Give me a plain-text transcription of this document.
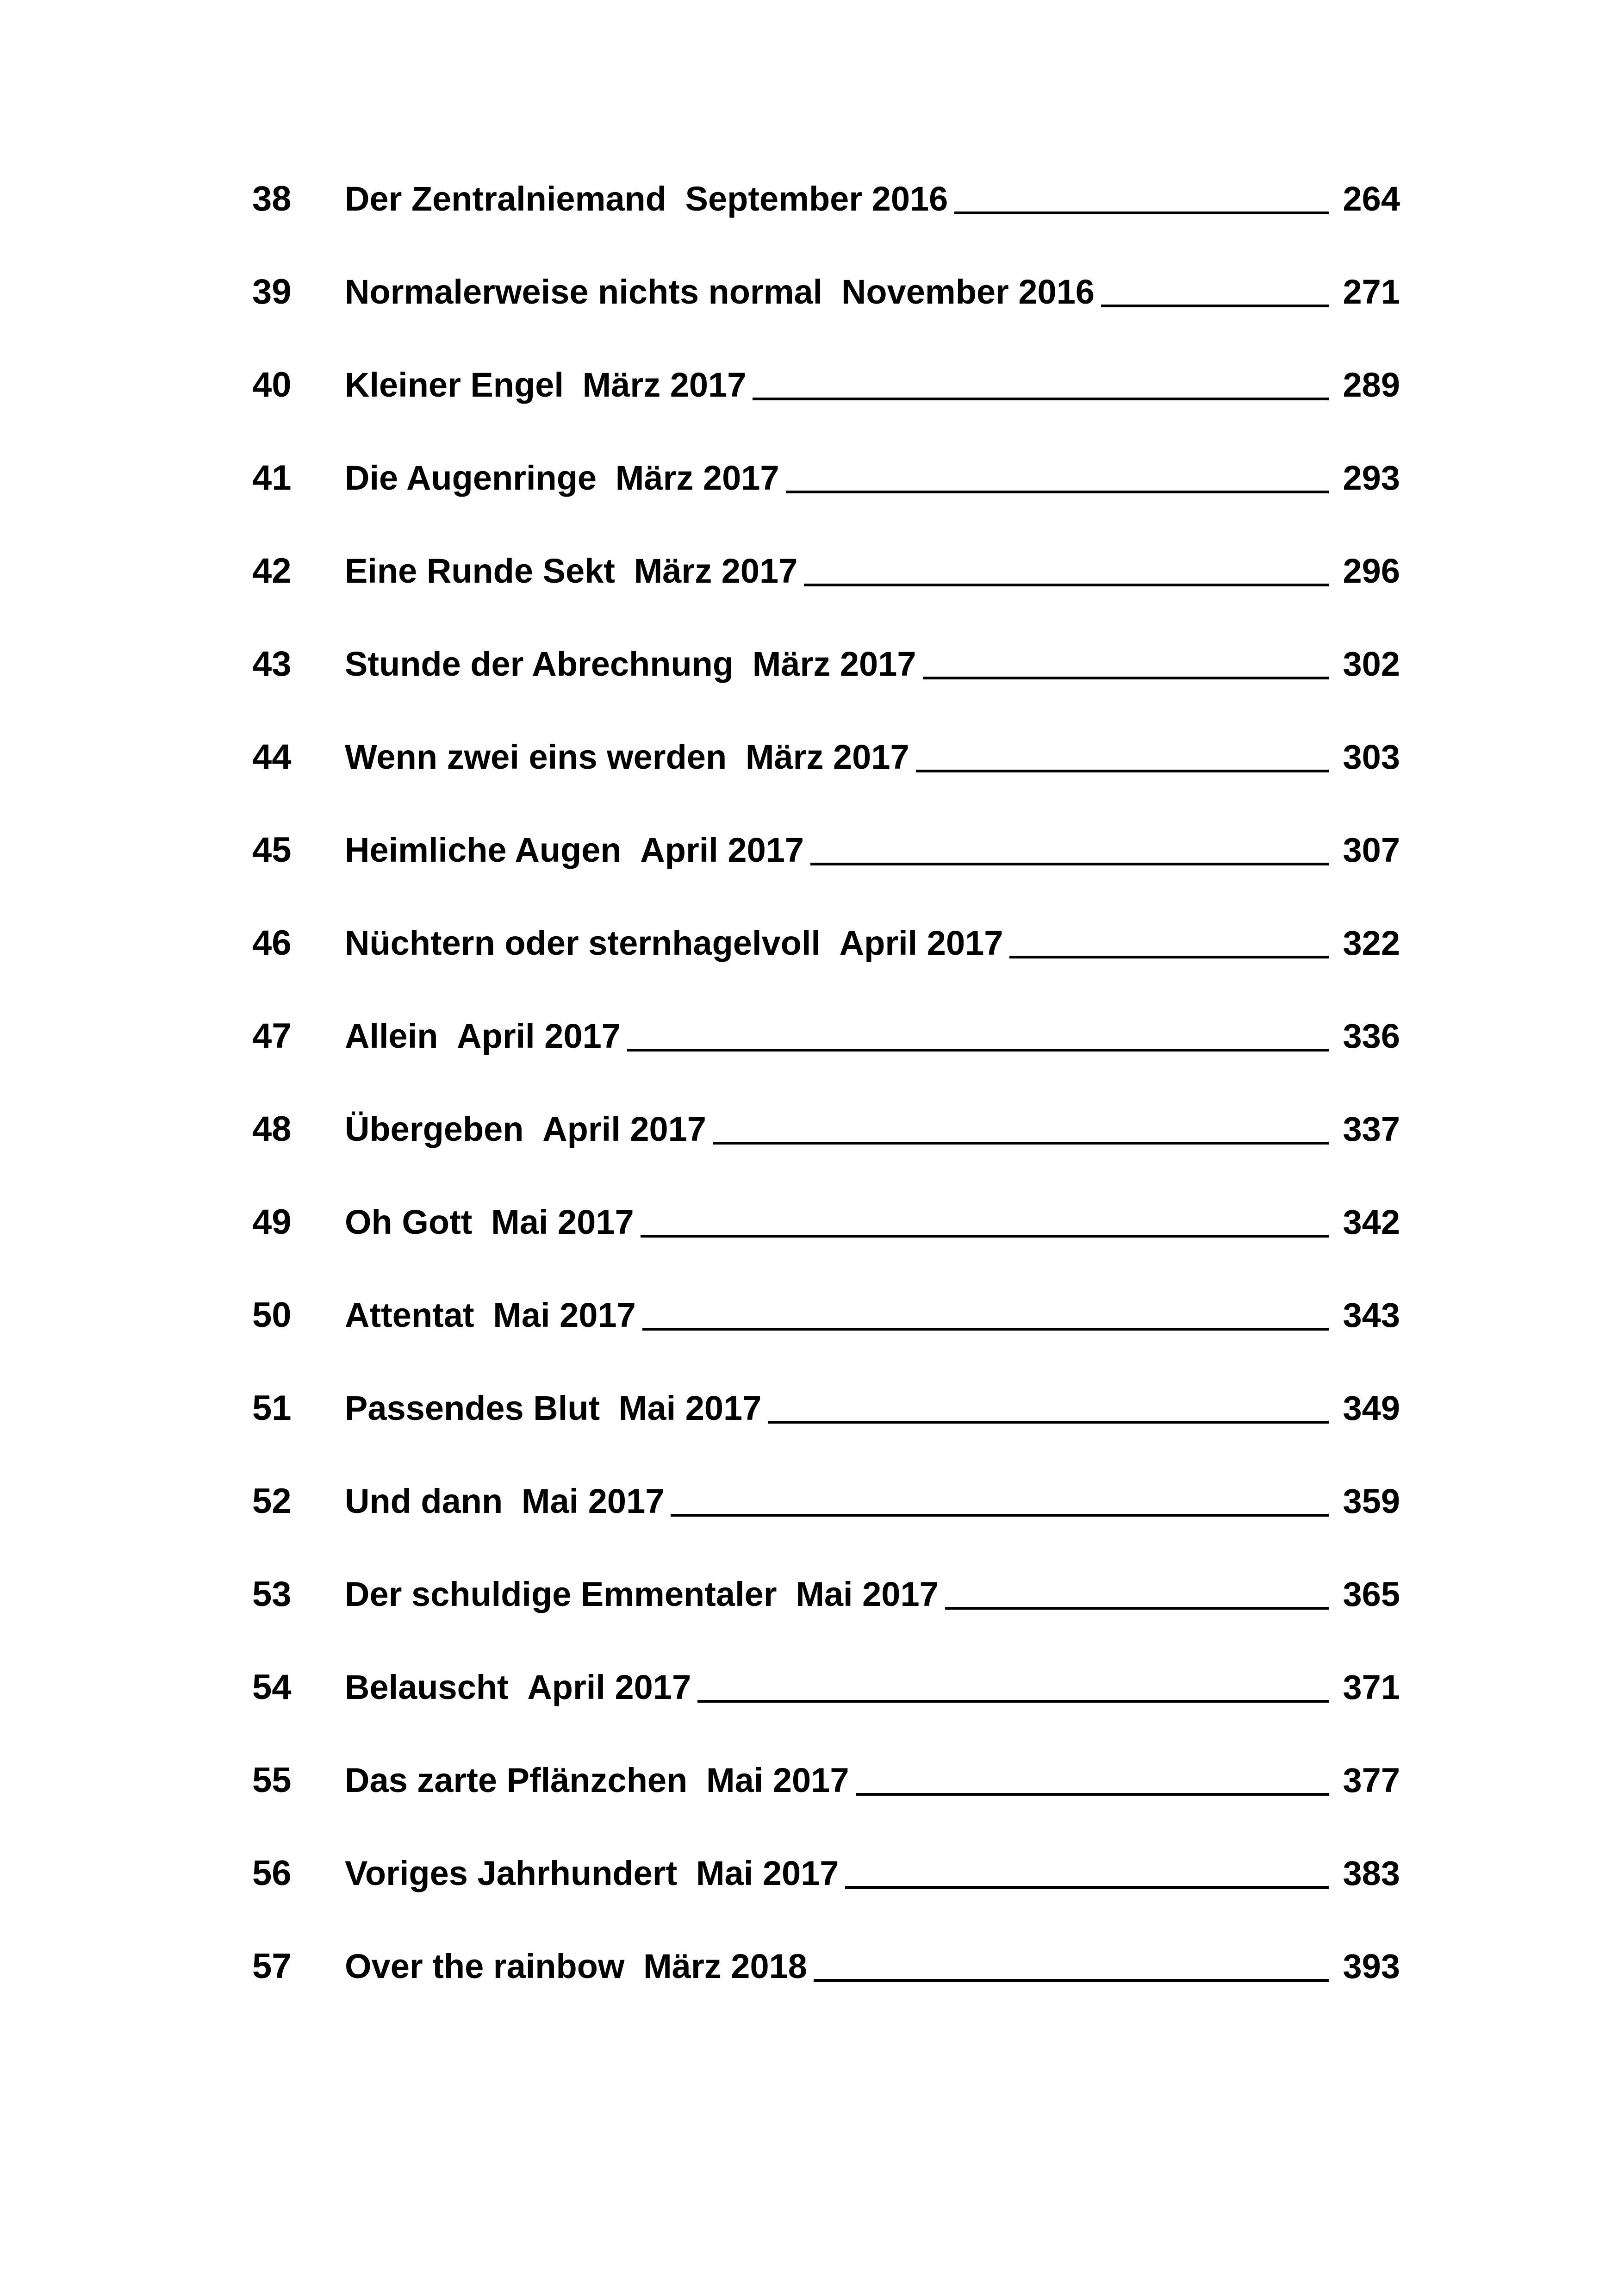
38	Der Zentralniemand September 2016	264
39	Normalerweise nichts normal November 2016	271
40	Kleiner Engel März 2017	289
41	Die Augenringe März 2017	293
42	Eine Runde Sekt März 2017	296
43	Stunde der Abrechnung März 2017	302
44	Wenn zwei eins werden März 2017	303
45	Heimliche Augen April 2017	307
46	Nüchtern oder sternhagelvoll April 2017	322
47	Allein April 2017	336
48	Übergeben April 2017	337
49	Oh Gott Mai 2017	342
50	Attentat Mai 2017	343
51	Passendes Blut Mai 2017	349
52	Und dann Mai 2017	359
53	Der schuldige Emmentaler Mai 2017	365
54	Belauscht April 2017	371
55	Das zarte Pflänzchen Mai 2017	377
56	Voriges Jahrhundert Mai 2017	383
57	Over the rainbow März 2018	393
